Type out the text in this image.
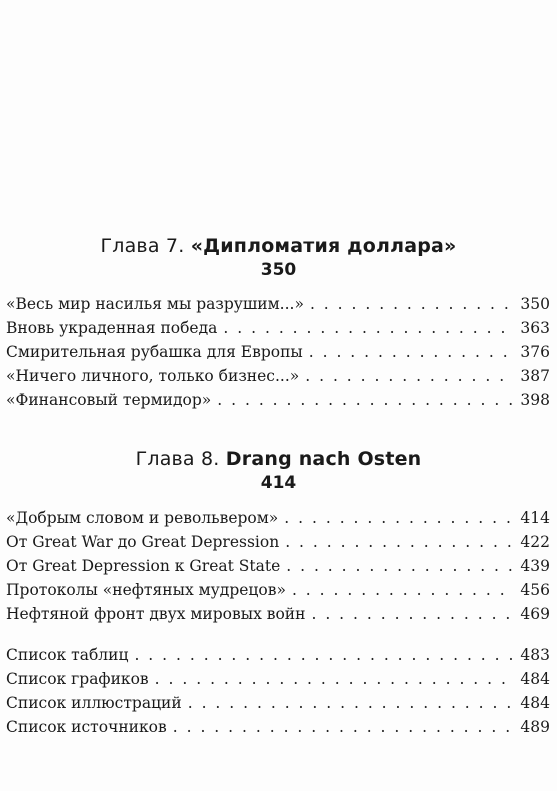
Глава 7. «Дипломатия доллара»
350
«Весь мир насилья мы разрушим...» . . .	350
Вновь украденная победа . . .	363
Смирительная рубашка для Европы . . .	376
«Ничего личного, только бизнес...» . . .	387
«Финансовый термидор» . . .	398
Глава 8. Drang nach Osten
414
«Добрым словом и револьвером» . . .	414
От Great War до Great Depression . . .	422
От Great Depression к Great State . . .	439
Протоколы «нефтяных мудрецов» . . .	456
Нефтяной фронт двух мировых войн . . .	469
Список таблиц . . .	483
Список графиков . . .	484
Список иллюстраций . . .	484
Список источников . . .	489
